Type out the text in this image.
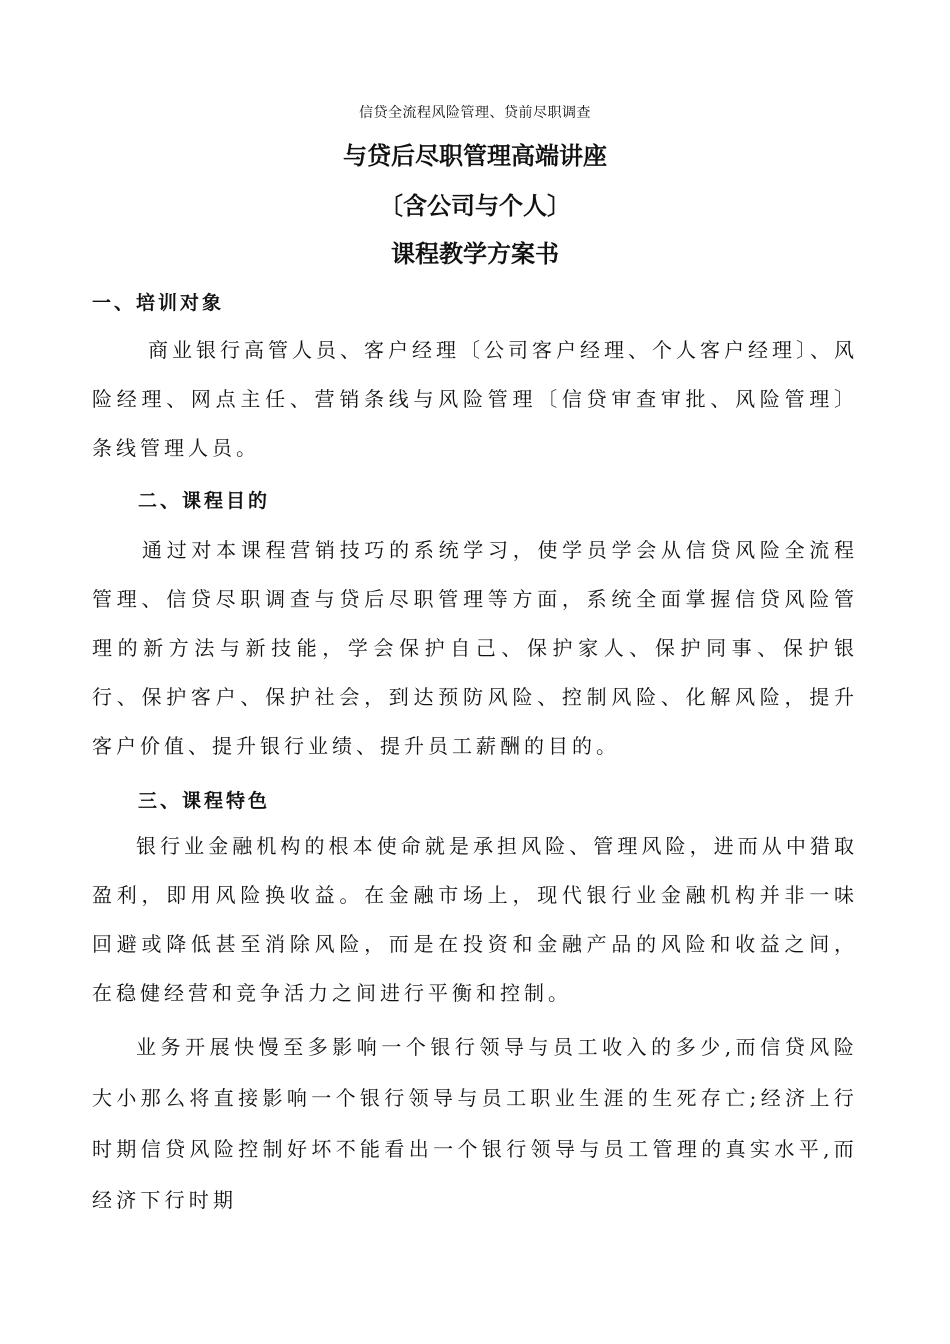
信贷全流程风险管理、贷前尽职调查
与贷后尽职管理高端讲座
〔含公司与个人〕
课程教学方案书
一、培训对象

商业银行高管人员、客户经理〔公司客户经理、个人客户经理〕、风险经理、网点主任、营销条线与风险管理〔信贷审查审批、风险管理〕条线管理人员。

二、课程目的

通过对本课程营销技巧的系统学习，使学员学会从信贷风险全流程管理、信贷尽职调查与贷后尽职管理等方面，系统全面掌握信贷风险管理的新方法与新技能，学会保护自己、保护家人、保护同事、保护银行、保护客户、保护社会，到达预防风险、控制风险、化解风险，提升客户价值、提升银行业绩、提升员工薪酬的目的。

三、课程特色

银行业金融机构的根本使命就是承担风险、管理风险，进而从中猎取盈利，即用风险换收益。在金融市场上，现代银行业金融机构并非一味回避或降低甚至消除风险，而是在投资和金融产品的风险和收益之间，在稳健经营和竞争活力之间进行平衡和控制。

业务开展快慢至多影响一个银行领导与员工收入的多少,而信贷风险大小那么将直接影响一个银行领导与员工职业生涯的生死存亡;经济上行时期信贷风险控制好坏不能看出一个银行领导与员工管理的真实水平,而经济下行时期
